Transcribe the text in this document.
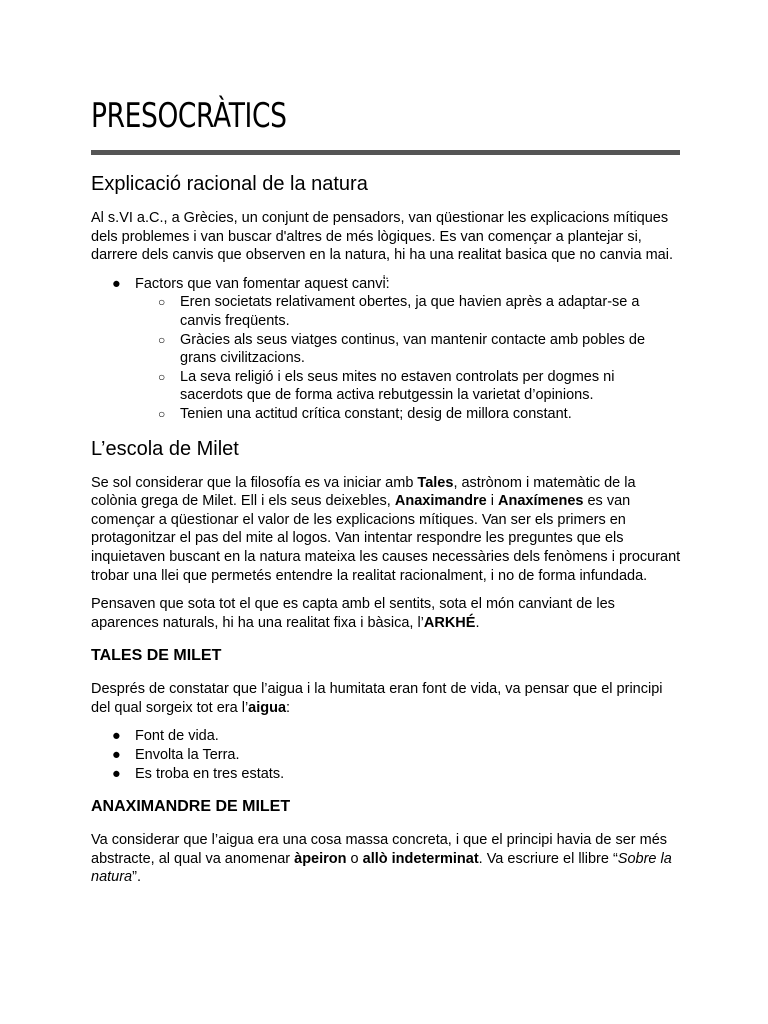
PRESOCRÀTICS
Explicació racional de la natura

Al s.VI a.C., a Grècies, un conjunt de pensadors, van qüestionar les explicacions mítiques dels problemes i van buscar d'altres de més lògiques. Es van començar a plantejar si, darrere dels canvis que observen en la natura, hi ha una realitat basica que no canvia mai.

● Factors que van fomentar aquest canvi̇̈:
○ Eren societats relativament obertes, ja que havien après a adaptar-se a canvis freqüents.
○ Gràcies als seus viatges continus, van mantenir contacte amb pobles de grans civilitzacions.
○ La seva religió i els seus mites no estaven controlats per dogmes ni sacerdots que de forma activa rebutgessin la varietat d’opinions.
○ Tenien una actitud crítica constant; desig de millora constant.
L’escola de Milet

Se sol considerar que la filosofía es va iniciar amb Tales, astrònom i matemàtic de la colònia grega de Milet. Ell i els seus deixebles, Anaximandre i Anaxímenes es van començar a qüestionar el valor de les explicacions mítiques. Van ser els primers en protagonitzar el pas del mite al logos. Van intentar respondre les preguntes que els inquietaven buscant en la natura mateixa les causes necessàries dels fenòmens i procurant trobar una llei que permetés entendre la realitat racionalment, i no de forma infundada.

Pensaven que sota tot el que es capta amb el sentits, sota el món canviant de les aparences naturals, hi ha una realitat fixa i bàsica, l’ARKHÉ.

TALES DE MILET

Després de constatar que l’aigua i la humitata eran font de vida, va pensar que el principi del qual sorgeix tot era l’aigua:

● Font de vida.
● Envolta la Terra.
● Es troba en tres estats.
ANAXIMANDRE DE MILET

Va considerar que l’aigua era una cosa massa concreta, i que el principi havia de ser més abstracte, al qual va anomenar àpeiron o allò indeterminat. Va escriure el llibre “Sobre la natura”.
